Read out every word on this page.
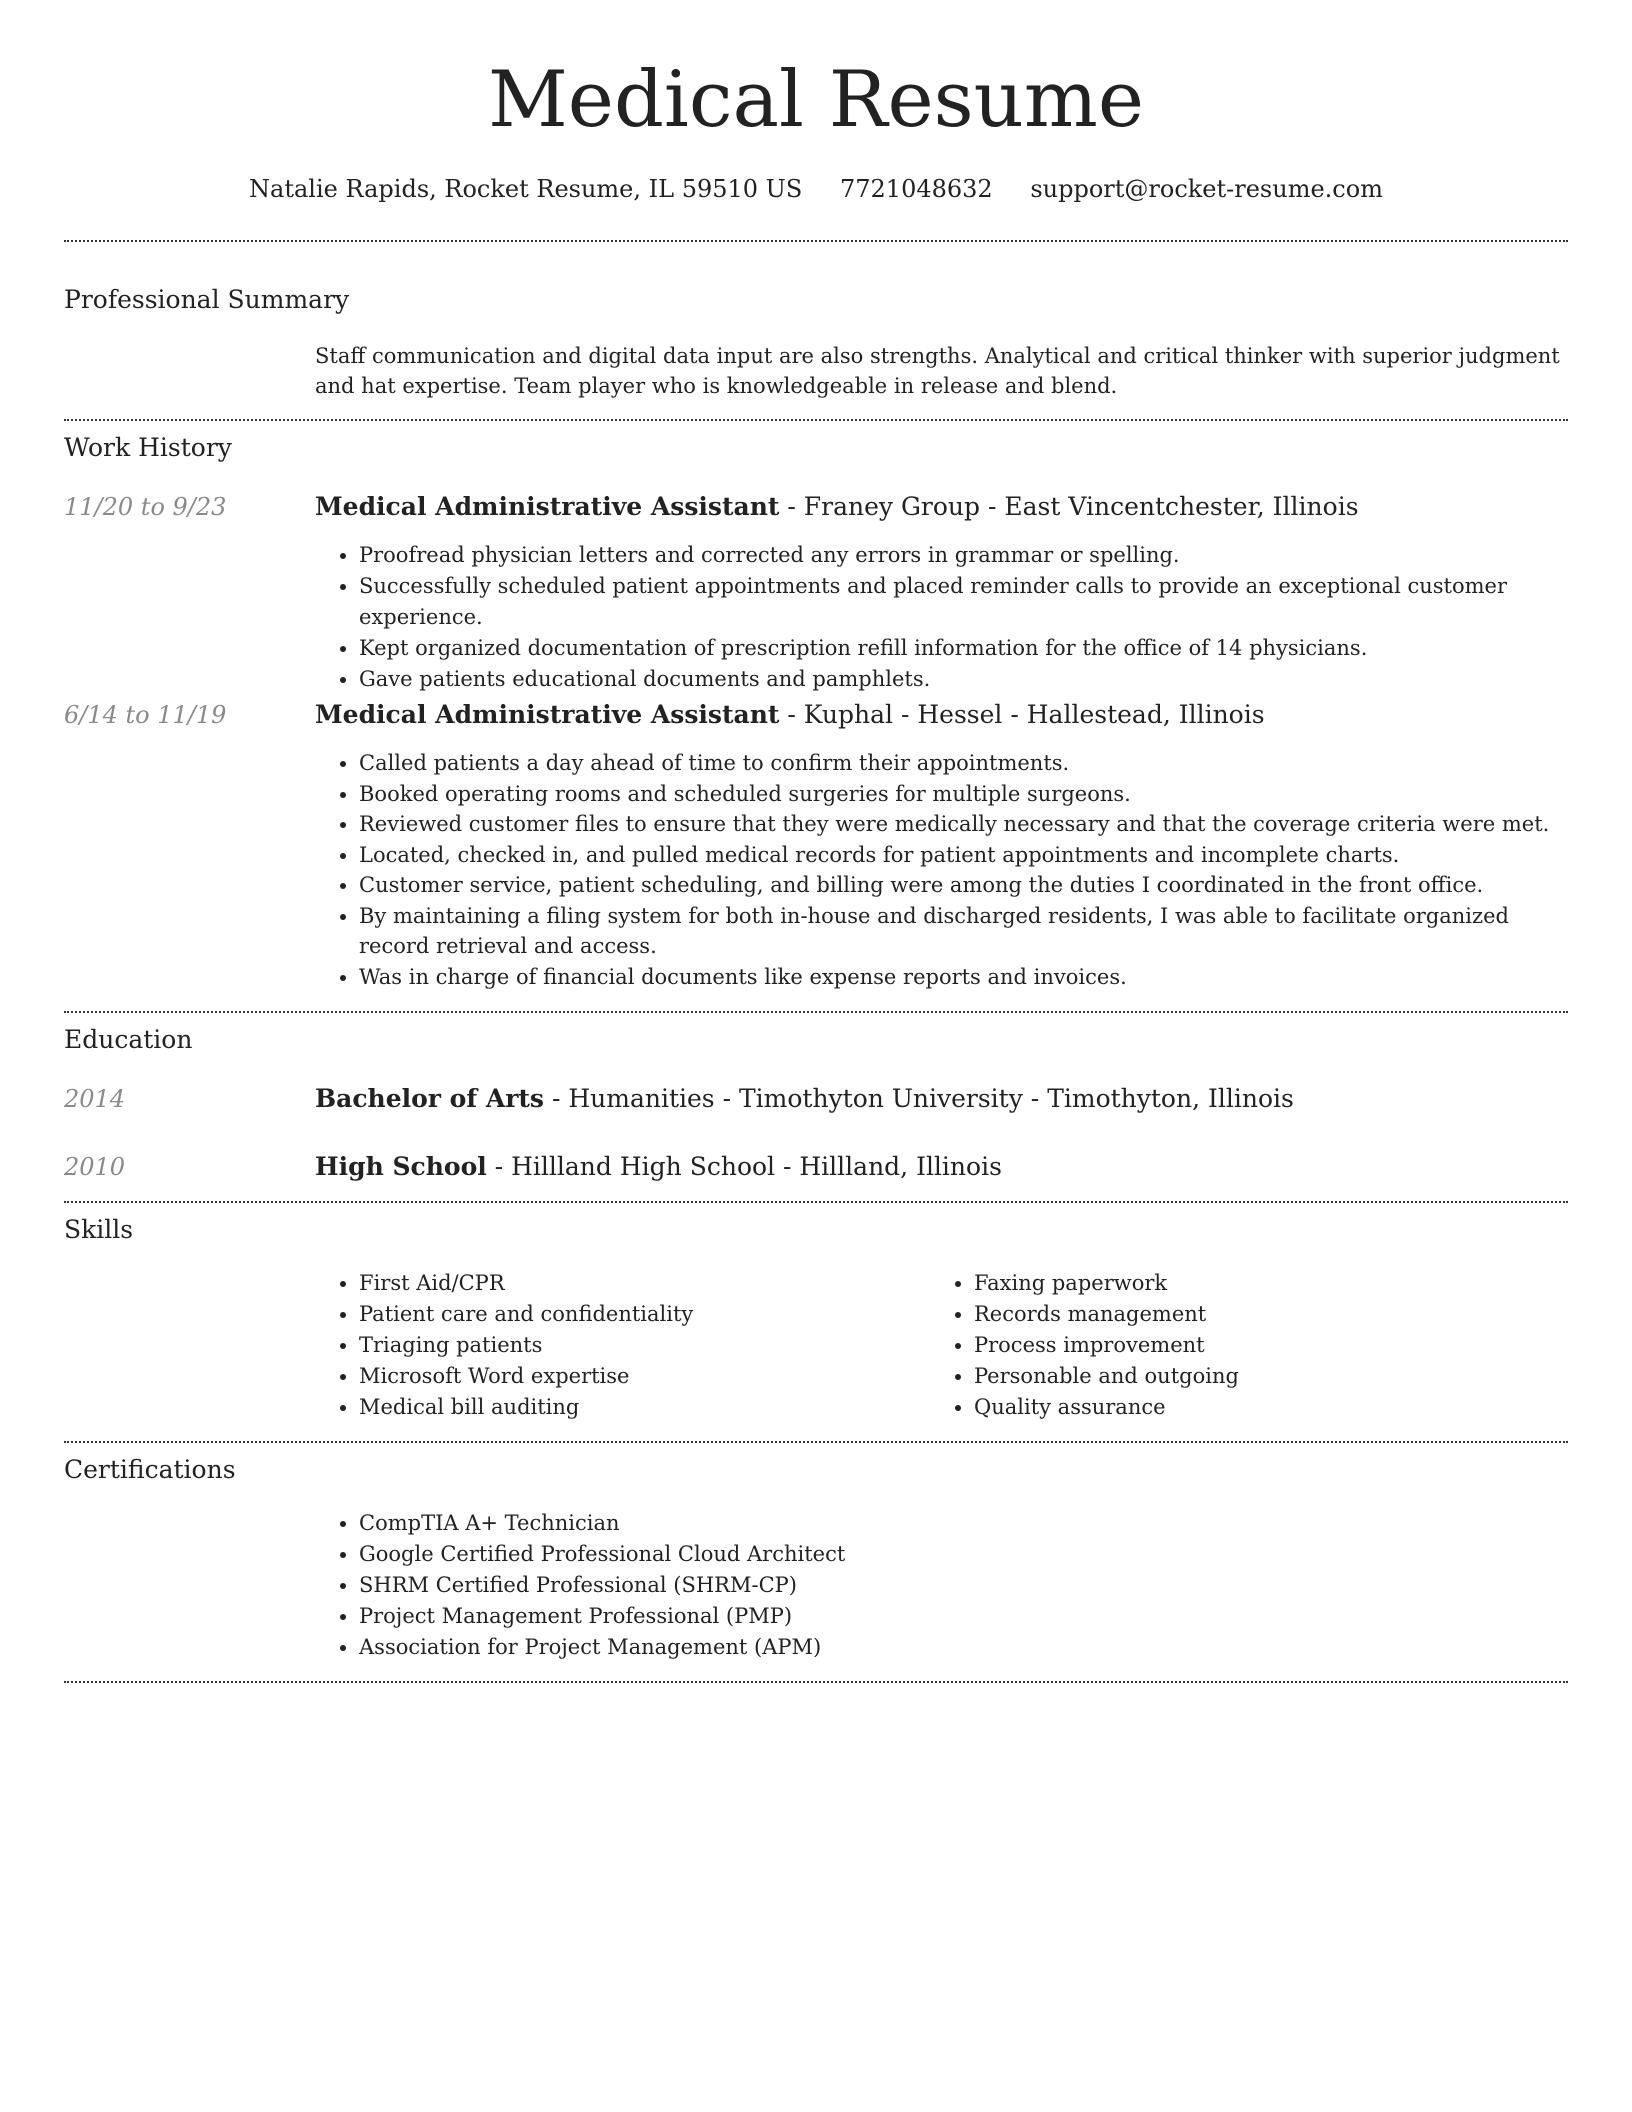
Medical Resume
Natalie Rapids, Rocket Resume, IL 59510 US 7721048632 support@rocket-resume.com
Professional Summary

Staff communication and digital data input are also strengths. Analytical and critical thinker with superior judgment and hat expertise. Team player who is knowledgeable in release and blend.

Work History
11/20 to 9/23	Medical Administrative Assistant - Franey Group - East Vincentchester, Illinois
• Proofread physician letters and corrected any errors in grammar or spelling.
• Successfully scheduled patient appointments and placed reminder calls to provide an exceptional customer experience.
• Kept organized documentation of prescription refill information for the office of 14 physicians.
• Gave patients educational documents and pamphlets.
6/14 to 11/19	Medical Administrative Assistant - Kuphal - Hessel - Hallestead, Illinois
• Called patients a day ahead of time to confirm their appointments.
• Booked operating rooms and scheduled surgeries for multiple surgeons.
• Reviewed customer files to ensure that they were medically necessary and that the coverage criteria were met.
• Located, checked in, and pulled medical records for patient appointments and incomplete charts.
• Customer service, patient scheduling, and billing were among the duties I coordinated in the front office.
• By maintaining a filing system for both in-house and discharged residents, I was able to facilitate organized record retrieval and access.
• Was in charge of financial documents like expense reports and invoices.
Education
2014	Bachelor of Arts - Humanities - Timothyton University - Timothyton, Illinois
2010	High School - Hillland High School - Hillland, Illinois
Skills
• First Aid/CPR
• Patient care and confidentiality
• Triaging patients
• Microsoft Word expertise
• Medical bill auditing
• Faxing paperwork
• Records management
• Process improvement
• Personable and outgoing
• Quality assurance
Certifications
• CompTIA A+ Technician
• Google Certified Professional Cloud Architect
• SHRM Certified Professional (SHRM-CP)
• Project Management Professional (PMP)
• Association for Project Management (APM)
